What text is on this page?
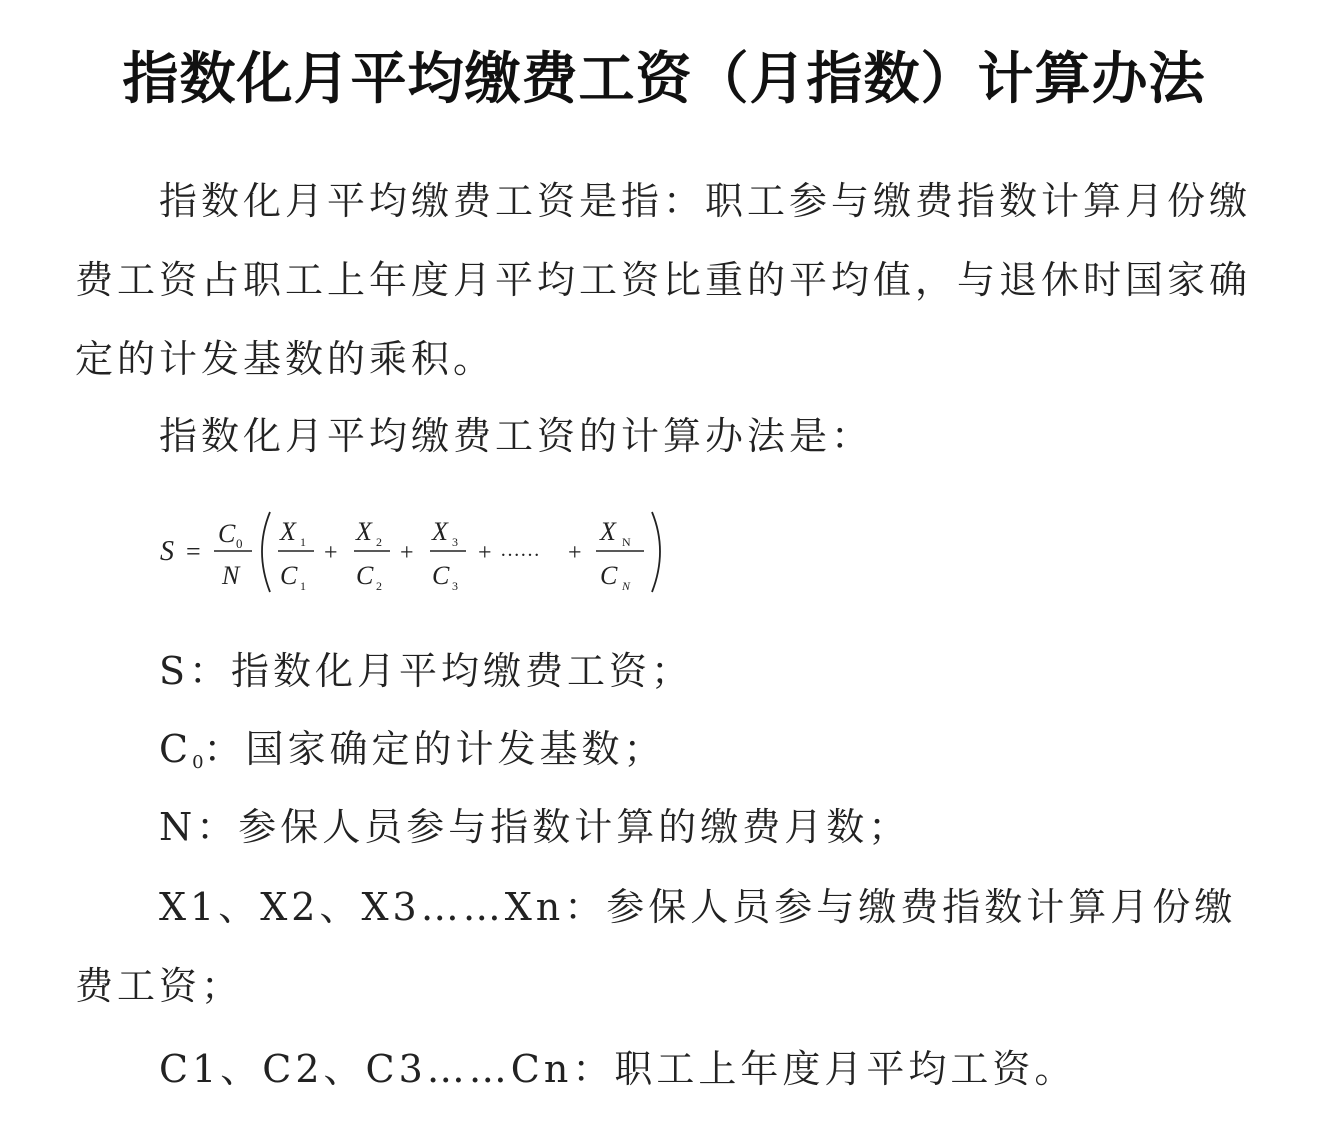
指数化月平均缴费工资（月指数）计算办法
指数化月平均缴费工资是指：职工参与缴费指数计算月份缴费工资占职工上年度月平均工资比重的平均值，与退休时国家确定的计发基数的乘积。
指数化月平均缴费工资的计算办法是：
S =
C 0
N
X 1
C 1
+
X 2
C 2
+
X 3
C 3
+ …… +
X N
C N
S：指数化月平均缴费工资；
$C_0$：国家确定的计发基数；
N：参保人员参与指数计算的缴费月数；
X1、X2、X3……Xn：参保人员参与缴费指数计算月份缴费工资；
C1、C2、C3……Cn：职工上年度月平均工资。
